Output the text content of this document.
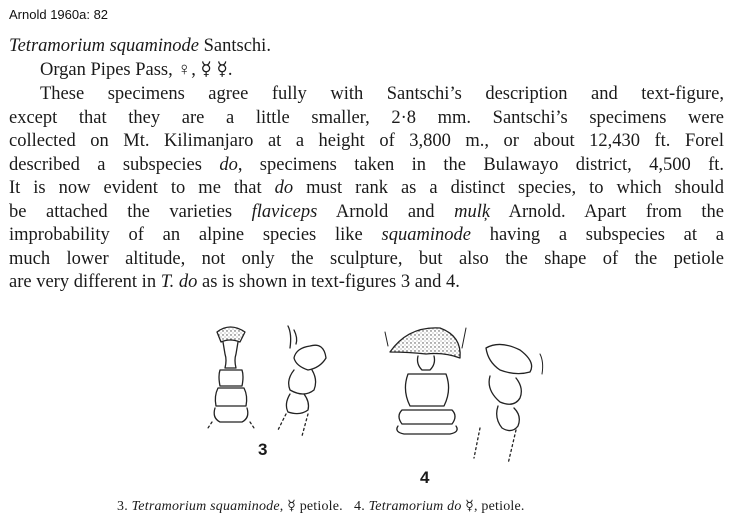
Arnold 1960a: 82
Tetramorium squaminode Santschi.
Organ Pipes Pass, ♀, ☿ ☿.
These specimens agree fully with Santschi’s description and text-figure,
except that they are a little smaller, 2·8 mm. Santschi’s specimens were
collected on Mt. Kilimanjaro at a height of 3,800 m., or about 12,430 ft. Forel
described a subspecies do, specimens taken in the Bulawayo district, 4,500 ft.
It is now evident to me that do must rank as a distinct species, to which should
be attached the varieties flaviceps Arnold and mulķ Arnold. Apart from the
improbability of an alpine species like squaminode having a subspecies at a
much lower altitude, not only the sculpture, but also the shape of the petiole
are very different in T. do as is shown in text-figures 3 and 4.
3
4
3. Tetramorium squaminode, ☿ petiole. 4. Tetramorium do ☿, petiole.
